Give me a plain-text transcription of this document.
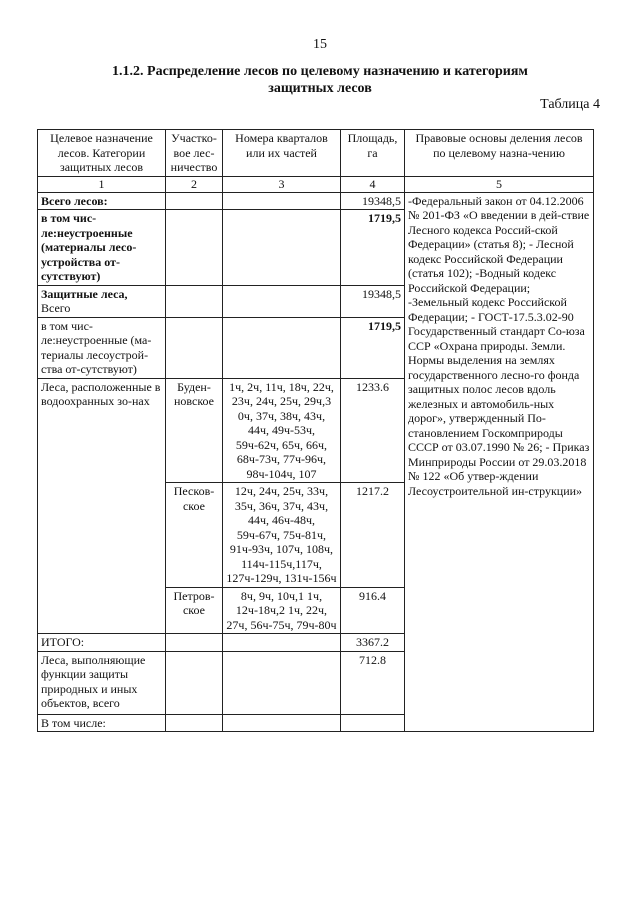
15
1.1.2. Распределение лесов по целевому назначению и категориям
защитных лесов
Таблица 4
Целевое назначение лесов. Категории защитных лесов	Участко-вое лес-ничество	Номера кварталов или их частей	Площадь, га	Правовые основы деления лесов по целевому назна-чению
1	2	3	4	5
Всего лесов:			19348,5	-Федеральный закон от 04.12.2006 № 201-ФЗ «О введении в дей-ствие Лесного кодекса Россий-ской Федерации» (статья 8); - Лесной кодекс Российской Федерации (статья 102); -Водный кодекс Российской Федерации; -Земельный кодекс Российской Федерации; - ГОСТ-17.5.3.02-90 Государственный стандарт Со-юза ССР «Охрана природы. Земли. Нормы выделения на землях государственного лесно-го фонда защитных полос лесов вдоль железных и автомобиль-ных дорог», утвержденный По-становлением Госкомприроды СССР от 03.07.1990 № 26; - Приказ Минприроды России от 29.03.2018 № 122 «Об утвер-ждении Лесоустроительной ин-струкции»
в том чис-ле:неустроенные (материалы лесо-устройства от-сутствуют)			1719,5	

Защитные леса,
Всего			19348,5	
в том чис-ле:неустроенные (ма-териалы лесоустрой-ства от-сутствуют)			1719,5	
Леса, расположенные в водоохранных зо-нах	Буден-новское	1ч, 2ч, 11ч, 18ч, 22ч, 23ч, 24ч, 25ч, 29ч,3 0ч, 37ч, 38ч, 43ч, 44ч, 49ч-53ч, 59ч-62ч, 65ч, 66ч, 68ч-73ч, 77ч-96ч, 98ч-104ч, 107	1233.6	
	Песков-ское	12ч, 24ч, 25ч, 33ч, 35ч, 36ч, 37ч, 43ч, 44ч, 46ч-48ч, 59ч-67ч, 75ч-81ч, 91ч-93ч, 107ч, 108ч, 114ч-115ч,117ч, 127ч-129ч, 131ч-156ч	1217.2	
	Петров-ское	8ч, 9ч, 10ч,1 1ч, 12ч-18ч,2 1ч, 22ч, 27ч, 56ч-75ч, 79ч-80ч	916.4	
ИТОГО:			3367.2	
Леса, выполняющие функции защиты природных и иных объектов, всего			712.8	
В том числе:				
